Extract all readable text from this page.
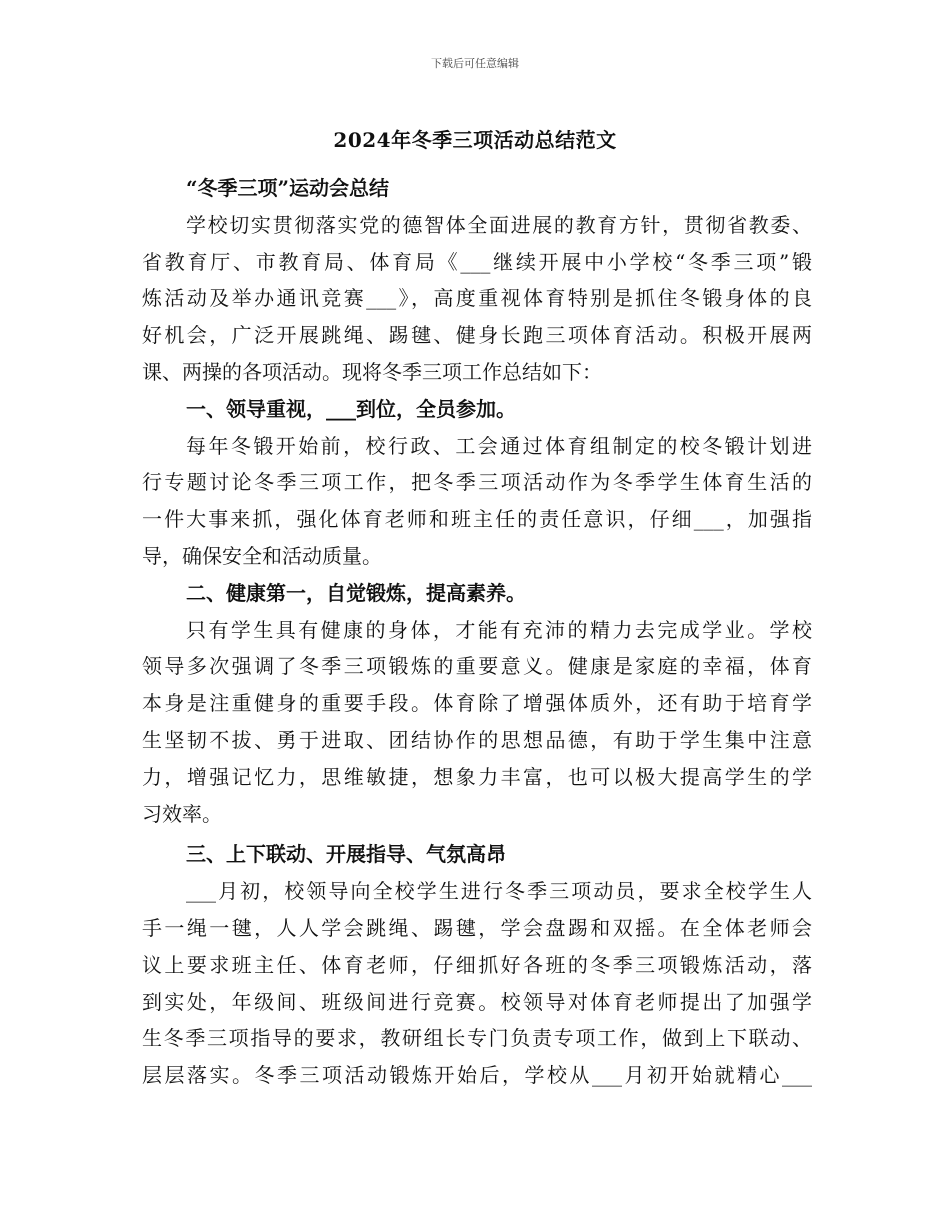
下载后可任意编辑
2024年冬季三项活动总结范文
“冬季三项”运动会总结
学校切实贯彻落实党的德智体全面进展的教育方针，贯彻省教委、
省教育厅、市教育局、体育局《___继续开展中小学校“冬季三项”锻
炼活动及举办通讯竞赛___》，高度重视体育特别是抓住冬锻身体的良
好机会，广泛开展跳绳、踢毽、健身长跑三项体育活动。积极开展两
课、两操的各项活动。现将冬季三项工作总结如下：
一、领导重视，___到位，全员参加。
每年冬锻开始前，校行政、工会通过体育组制定的校冬锻计划进
行专题讨论冬季三项工作，把冬季三项活动作为冬季学生体育生活的
一件大事来抓，强化体育老师和班主任的责任意识，仔细___，加强指
导，确保安全和活动质量。
二、健康第一，自觉锻炼，提高素养。
只有学生具有健康的身体，才能有充沛的精力去完成学业。学校
领导多次强调了冬季三项锻炼的重要意义。健康是家庭的幸福，体育
本身是注重健身的重要手段。体育除了增强体质外，还有助于培育学
生坚韧不拔、勇于进取、团结协作的思想品德，有助于学生集中注意
力，增强记忆力，思维敏捷，想象力丰富，也可以极大提高学生的学
习效率。
三、上下联动、开展指导、气氛高昂
___月初，校领导向全校学生进行冬季三项动员，要求全校学生人
手一绳一毽，人人学会跳绳、踢毽，学会盘踢和双摇。在全体老师会
议上要求班主任、体育老师，仔细抓好各班的冬季三项锻炼活动，落
到实处，年级间、班级间进行竞赛。校领导对体育老师提出了加强学
生冬季三项指导的要求，教研组长专门负责专项工作，做到上下联动、
层层落实。冬季三项活动锻炼开始后，学校从___月初开始就精心___
